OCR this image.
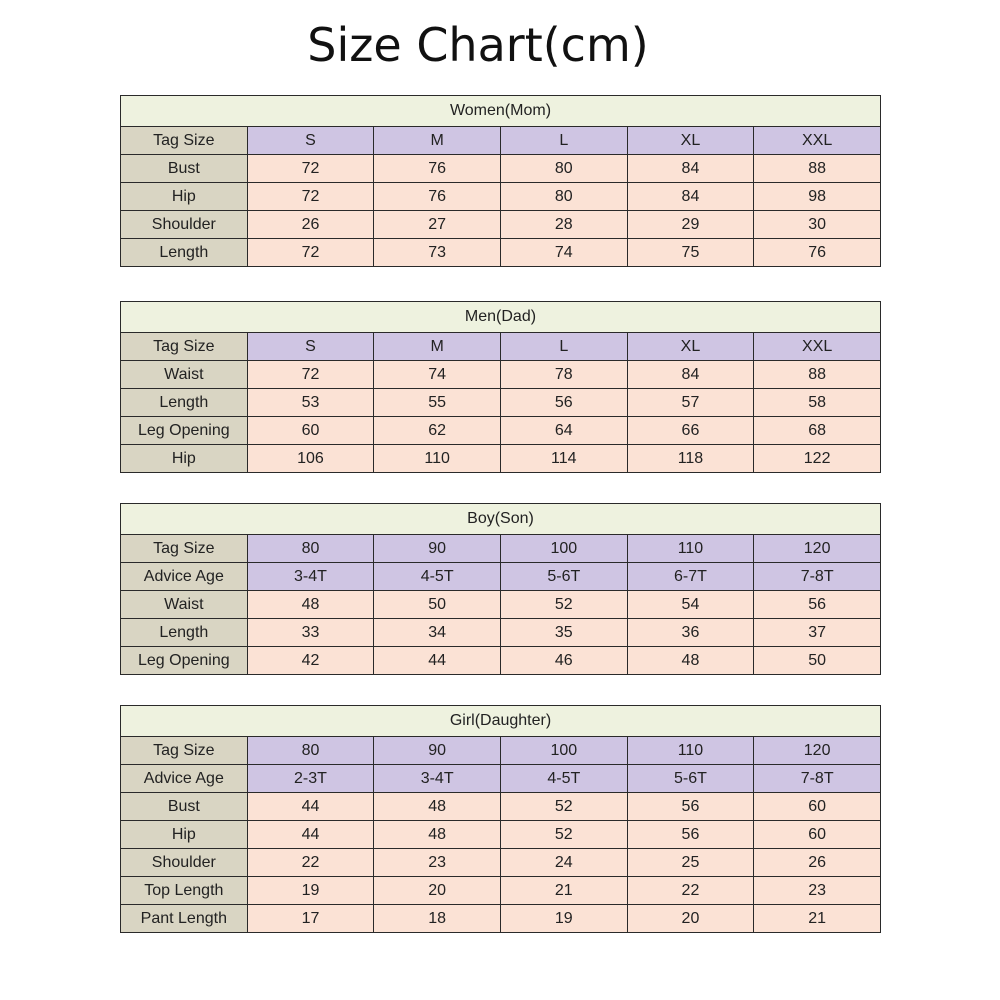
Size Chart(cm)
Women(Mom)					
Tag Size	S	M	L	XL	XXL
Bust	72	76	80	84	88
Hip	72	76	80	84	98
Shoulder	26	27	28	29	30
Length	72	73	74	75	76
Men(Dad)					
Tag Size	S	M	L	XL	XXL
Waist	72	74	78	84	88
Length	53	55	56	57	58
Leg Opening	60	62	64	66	68
Hip	106	110	114	118	122
Boy(Son)					
Tag Size	80	90	100	110	120
Advice Age	3-4T	4-5T	5-6T	6-7T	7-8T
Waist	48	50	52	54	56
Length	33	34	35	36	37
Leg Opening	42	44	46	48	50
Girl(Daughter)					
Tag Size	80	90	100	110	120
Advice Age	2-3T	3-4T	4-5T	5-6T	7-8T
Bust	44	48	52	56	60
Hip	44	48	52	56	60
Shoulder	22	23	24	25	26
Top Length	19	20	21	22	23
Pant Length	17	18	19	20	21
